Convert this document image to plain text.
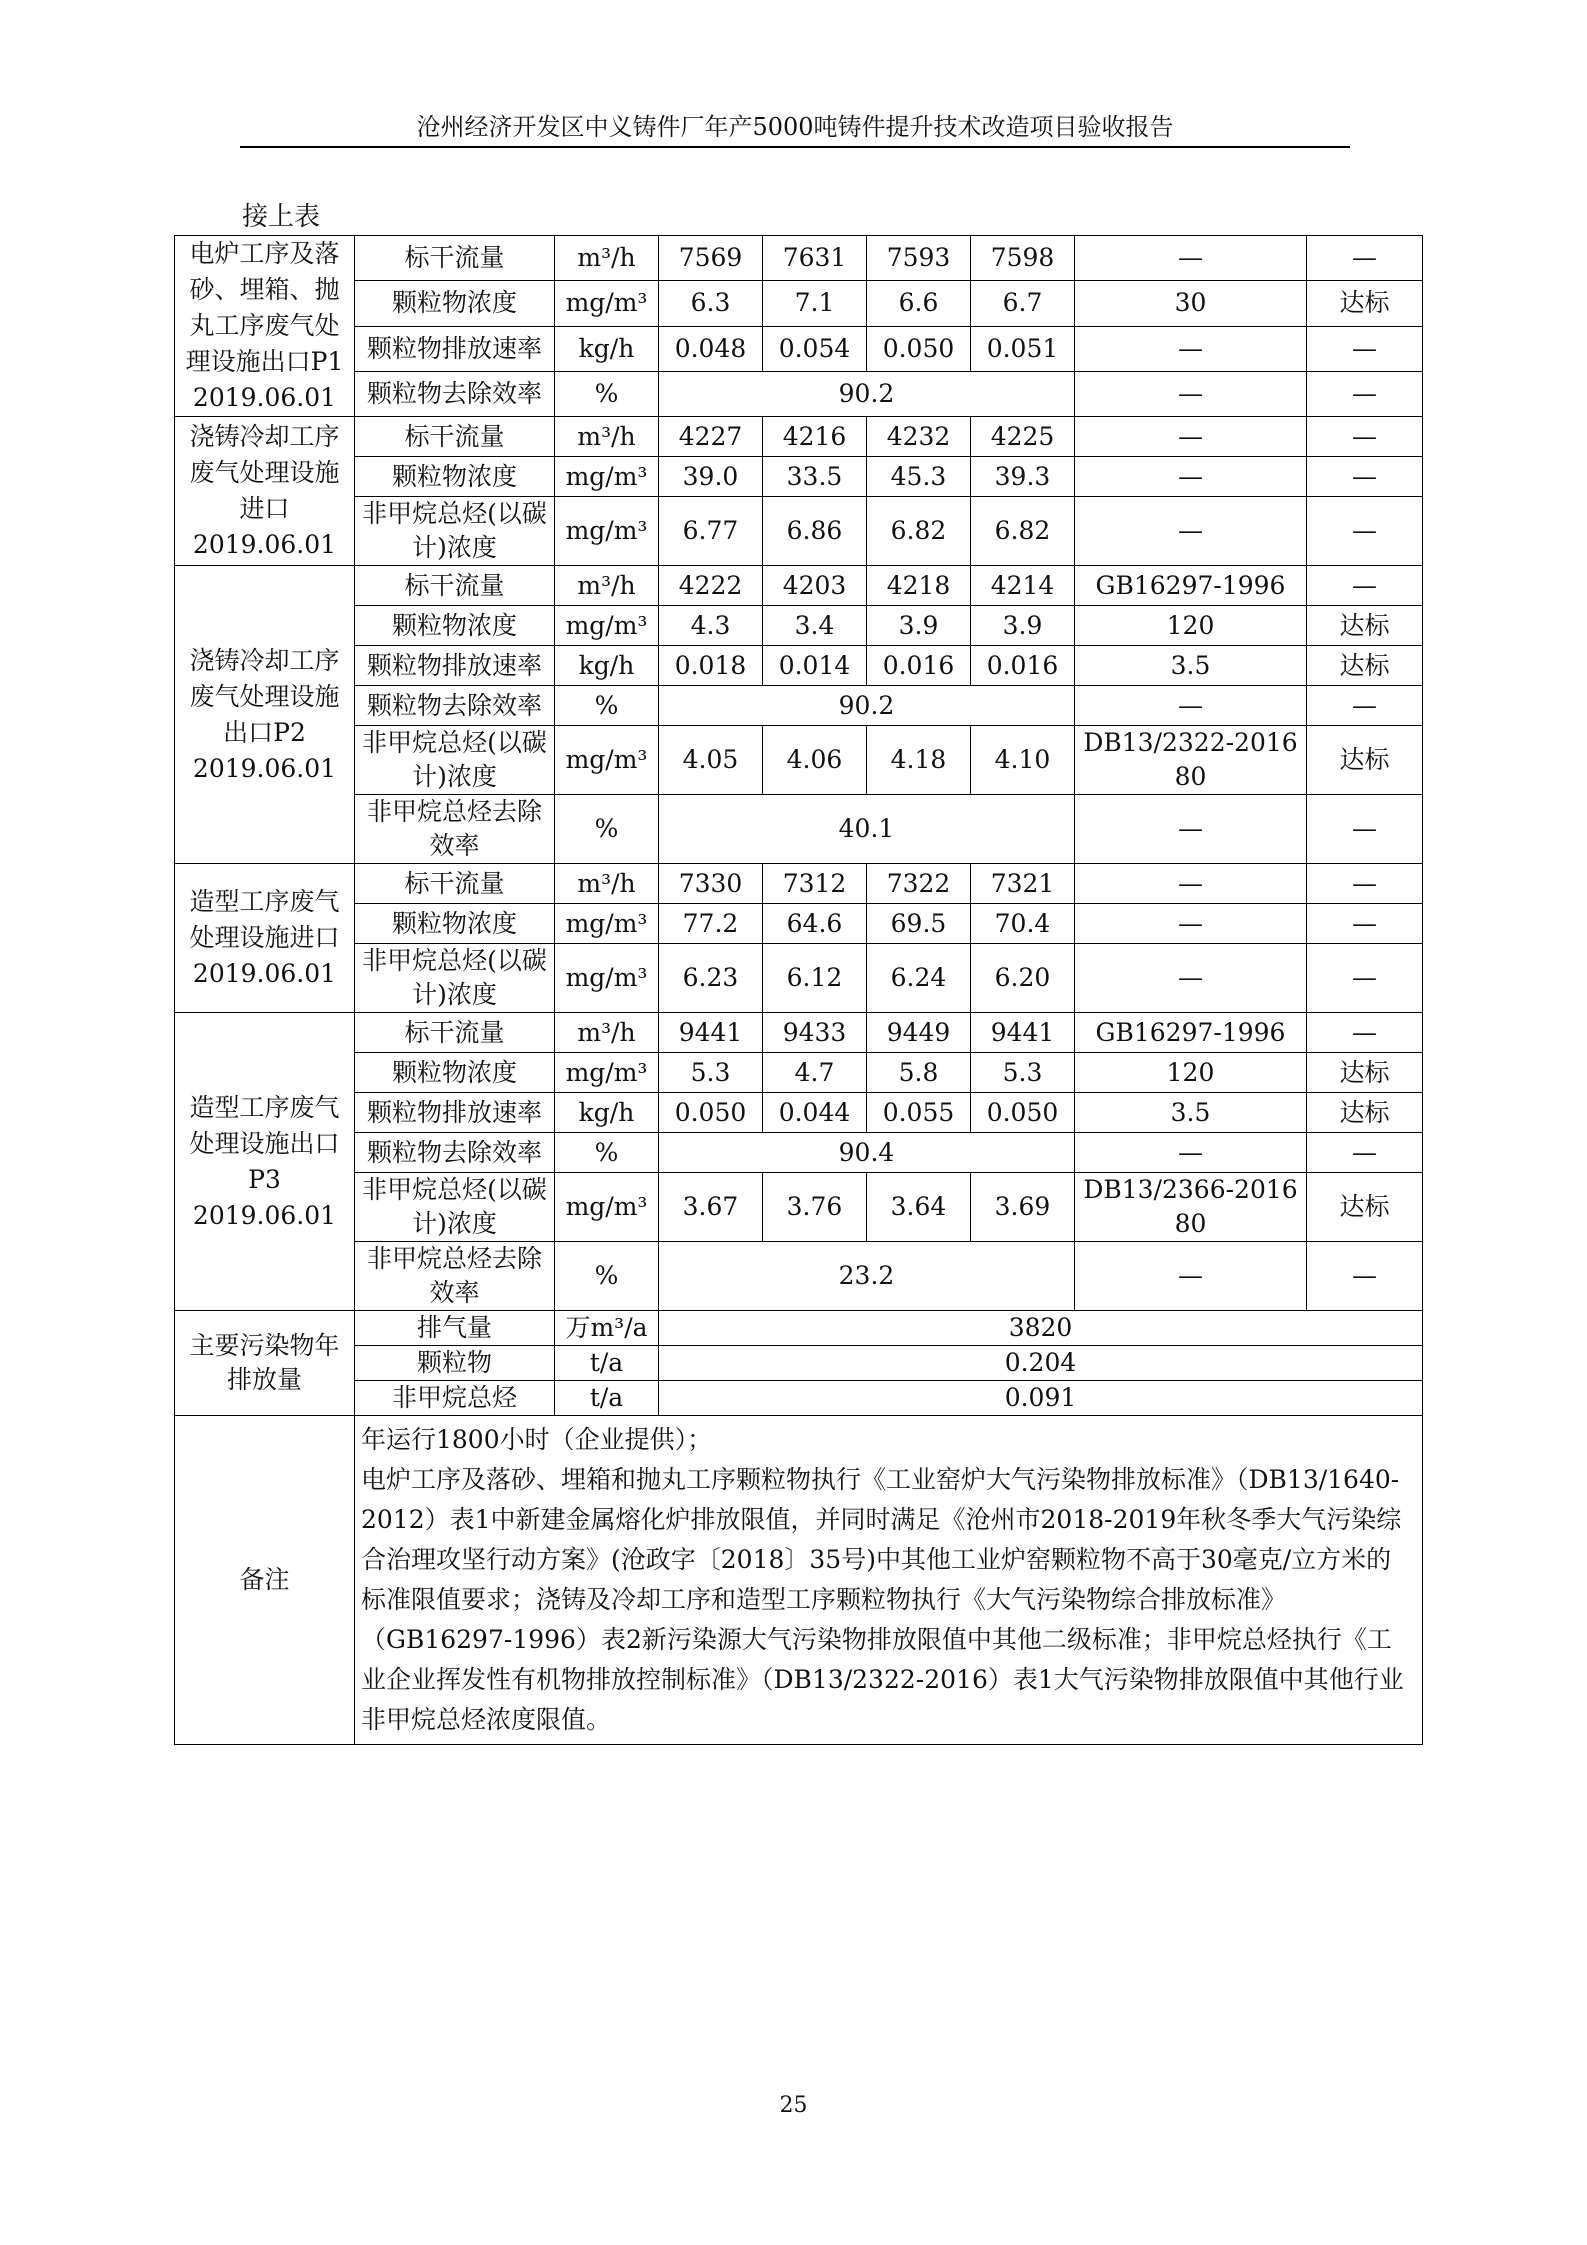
沧州经济开发区中义铸件厂年产5000吨铸件提升技术改造项目验收报告
接上表
电炉工序及落砂、埋箱、抛丸工序废气处理设施出口P1 2019.06.01	标干流量	m³/h	7569	7631	7593	7598	—	—
	颗粒物浓度	mg/m³	6.3	7.1	6.6	6.7	30	达标
	颗粒物排放速率	kg/h	0.048	0.054	0.050	0.051	—	—
	颗粒物去除效率	%	90.2				—	—
浇铸冷却工序废气处理设施进口 2019.06.01	标干流量	m³/h	4227	4216	4232	4225	—	—
	颗粒物浓度	mg/m³	39.0	33.5	45.3	39.3	—	—
	非甲烷总烃(以碳计)浓度	mg/m³	6.77	6.86	6.82	6.82	—	—
浇铸冷却工序废气处理设施出口P2 2019.06.01	标干流量	m³/h	4222	4203	4218	4214	GB16297-1996	—
	颗粒物浓度	mg/m³	4.3	3.4	3.9	3.9	120	达标
	颗粒物排放速率	kg/h	0.018	0.014	0.016	0.016	3.5	达标
	颗粒物去除效率	%	90.2				—	—
	非甲烷总烃(以碳计)浓度	mg/m³	4.05	4.06	4.18	4.10	DB13/2322-2016 80	达标
	非甲烷总烃去除效率	%	40.1				—	—
造型工序废气处理设施进口 2019.06.01	标干流量	m³/h	7330	7312	7322	7321	—	—
	颗粒物浓度	mg/m³	77.2	64.6	69.5	70.4	—	—
	非甲烷总烃(以碳计)浓度	mg/m³	6.23	6.12	6.24	6.20	—	—
造型工序废气处理设施出口P3 2019.06.01	标干流量	m³/h	9441	9433	9449	9441	GB16297-1996	—
	颗粒物浓度	mg/m³	5.3	4.7	5.8	5.3	120	达标
	颗粒物排放速率	kg/h	0.050	0.044	0.055	0.050	3.5	达标
	颗粒物去除效率	%	90.4				—	—
	非甲烷总烃(以碳计)浓度	mg/m³	3.67	3.76	3.64	3.69	DB13/2366-2016 80	达标
	非甲烷总烃去除效率	%	23.2				—	—
主要污染物年排放量	排气量	万m³/a	3820					
	颗粒物	t/a	0.204					
	非甲烷总烃	t/a	0.091					
备注	年运行1800小时（企业提供）；
电炉工序及落砂、埋箱和抛丸工序颗粒物执行《工业窑炉大气污染物排放标准》（DB13/1640-2012）表1中新建金属熔化炉排放限值，并同时满足《沧州市2018-2019年秋冬季大气污染综合治理攻坚行动方案》(沧政字〔2018〕35号)中其他工业炉窑颗粒物不高于30毫克/立方米的标准限值要求；浇铸及冷却工序和造型工序颗粒物执行《大气污染物综合排放标准》（GB16297-1996）表2新污染源大气污染物排放限值中其他二级标准；非甲烷总烃执行《工业企业挥发性有机物排放控制标准》（DB13/2322-2016）表1大气污染物排放限值中其他行业非甲烷总烃浓度限值。							
25
